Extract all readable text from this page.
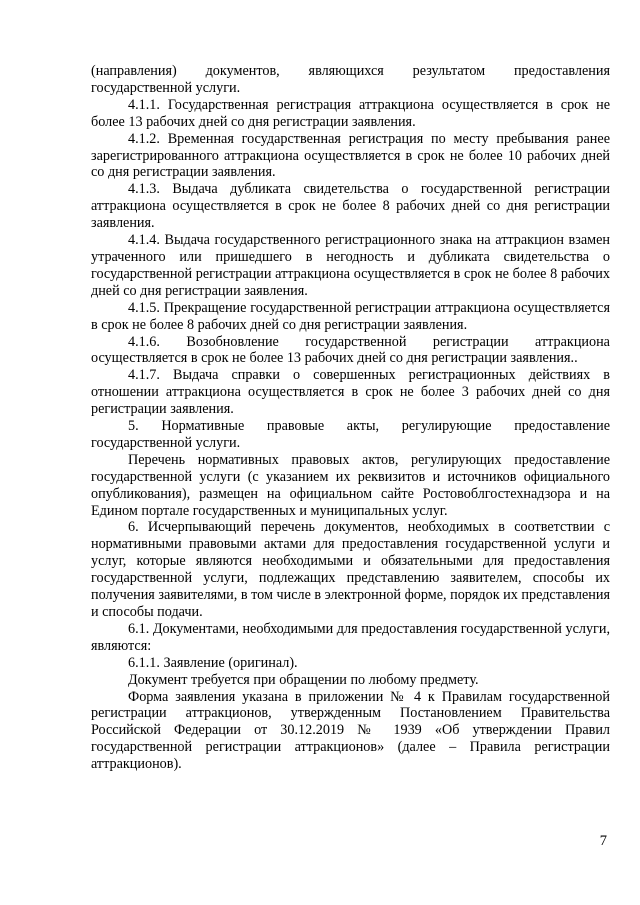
(направления) документов, являющихся результатом предоставления государственной услуги.

4.1.1. Государственная регистрация аттракциона осуществляется в срок не более 13 рабочих дней со дня регистрации заявления.

4.1.2. Временная государственная регистрация по месту пребывания ранее зарегистрированного аттракциона осуществляется в срок не более 10 рабочих дней со дня регистрации заявления.

4.1.3. Выдача дубликата свидетельства о государственной регистрации аттракциона осуществляется в срок не более 8 рабочих дней со дня регистрации заявления.

4.1.4. Выдача государственного регистрационного знака на аттракцион взамен утраченного или пришедшего в негодность и дубликата свидетельства о государственной регистрации аттракциона осуществляется в срок не более 8 рабочих дней со дня регистрации заявления.

4.1.5. Прекращение государственной регистрации аттракциона осуществляется в срок не более 8 рабочих дней со дня регистрации заявления.

4.1.6. Возобновление государственной регистрации аттракциона осуществляется в срок не более 13 рабочих дней со дня регистрации заявления..

4.1.7. Выдача справки о совершенных регистрационных действиях в отношении аттракциона осуществляется в срок не более 3 рабочих дней со дня регистрации заявления.

5. Нормативные правовые акты, регулирующие предоставление государственной услуги.

Перечень нормативных правовых актов, регулирующих предоставление государственной услуги (с указанием их реквизитов и источников официального опубликования), размещен на официальном сайте Ростовоблгостехнадзора и на Едином портале государственных и муниципальных услуг.

6. Исчерпывающий перечень документов, необходимых в соответствии с нормативными правовыми актами для предоставления государственной услуги и услуг, которые являются необходимыми и обязательными для предоставления государственной услуги, подлежащих представлению заявителем, способы их получения заявителями, в том числе в электронной форме, порядок их представления и способы подачи.

6.1. Документами, необходимыми для предоставления государственной услуги, являются:

6.1.1. Заявление (оригинал).

Документ требуется при обращении по любому предмету.

Форма заявления указана в приложении № 4 к Правилам государственной регистрации аттракционов, утвержденным Постановлением Правительства Российской Федерации от 30.12.2019 № 1939 «Об утверждении Правил государственной регистрации аттракционов» (далее – Правила регистрации аттракционов).

7
